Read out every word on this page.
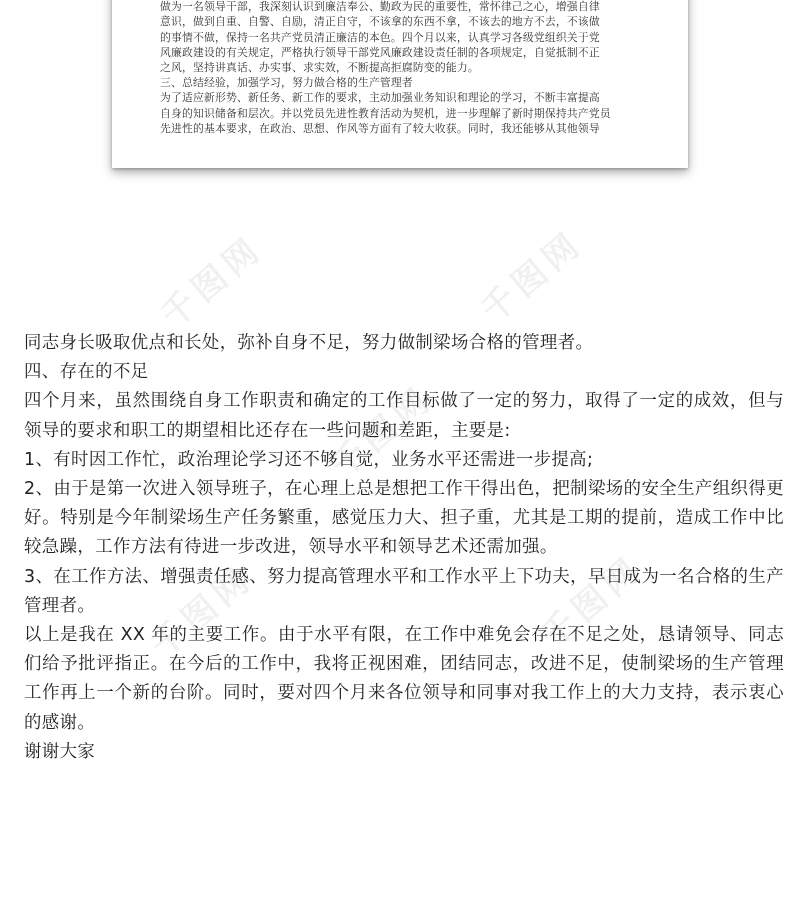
做为一名领导干部，我深刻认识到廉洁奉公、勤政为民的重要性，常怀律己之心，增强自律

意识，做到自重、自警、自励，清正自守，不该拿的东西不拿，不该去的地方不去，不该做

的事情不做，保持一名共产党员清正廉洁的本色。四个月以来，认真学习各级党组织关于党

风廉政建设的有关规定，严格执行领导干部党风廉政建设责任制的各项规定，自觉抵制不正

之风，坚持讲真话、办实事、求实效，不断提高拒腐防变的能力。

三、总结经验，加强学习，努力做合格的生产管理者

为了适应新形势、新任务、新工作的要求，主动加强业务知识和理论的学习，不断丰富提高

自身的知识储备和层次。并以党员先进性教育活动为契机，进一步理解了新时期保持共产党员

先进性的基本要求，在政治、思想、作风等方面有了较大收获。同时，我还能够从其他领导

千图网	千图网
千图网
千图网	千图网

同志身长吸取优点和长处，弥补自身不足，努力做制梁场合格的管理者。

四、存在的不足

四个月来，虽然围绕自身工作职责和确定的工作目标做了一定的努力，取得了一定的成效，但与领导的要求和职工的期望相比还存在一些问题和差距，主要是:

1、有时因工作忙，政治理论学习还不够自觉，业务水平还需进一步提高;

2、由于是第一次进入领导班子，在心理上总是想把工作干得出色，把制梁场的安全生产组织得更好。特别是今年制梁场生产任务繁重，感觉压力大、担子重，尤其是工期的提前，造成工作中比较急躁，工作方法有待进一步改进，领导水平和领导艺术还需加强。

3、在工作方法、增强责任感、努力提高管理水平和工作水平上下功夫，早日成为一名合格的生产管理者。

以上是我在 XX 年的主要工作。由于水平有限，在工作中难免会存在不足之处，恳请领导、同志们给予批评指正。在今后的工作中，我将正视困难，团结同志，改进不足，使制梁场的生产管理工作再上一个新的台阶。同时，要对四个月来各位领导和同事对我工作上的大力支持，表示衷心的感谢。

谢谢大家
